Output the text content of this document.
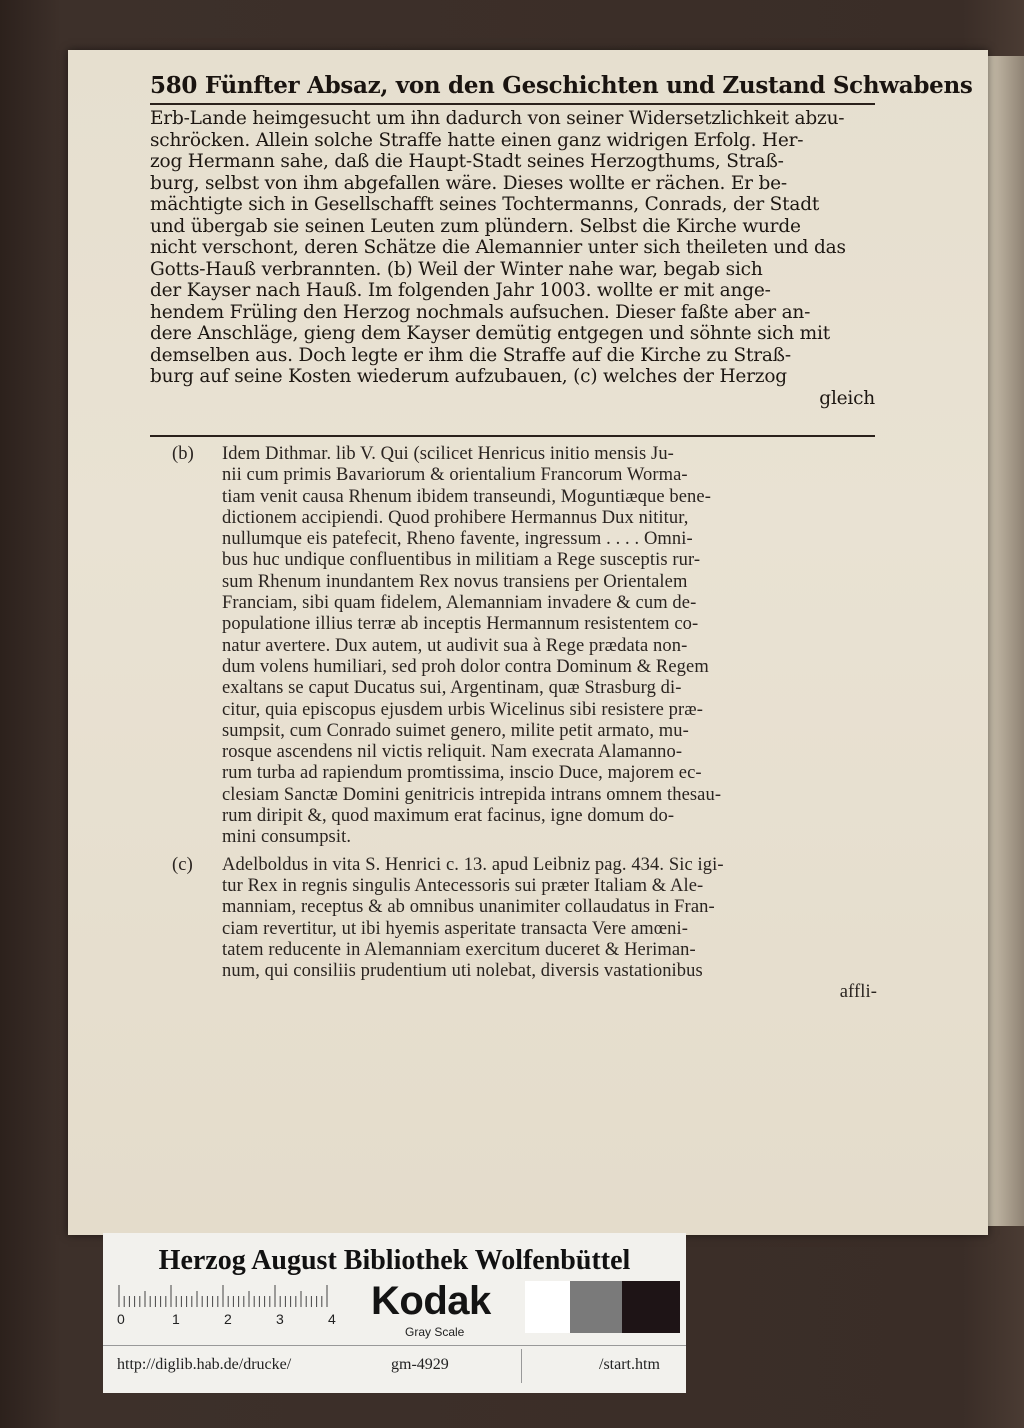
580 Fünfter Absaz, von den Geschichten und Zustand Schwabens
Erb-Lande heimgesucht um ihn dadurch von seiner Widersetzlichkeit abzu-
schröcken. Allein solche Straffe hatte einen ganz widrigen Erfolg. Her-
zog Hermann sahe, daß die Haupt-Stadt seines Herzogthums, Straß-
burg, selbst von ihm abgefallen wäre. Dieses wollte er rächen. Er be-
mächtigte sich in Gesellschafft seines Tochtermanns, Conrads, der Stadt
und übergab sie seinen Leuten zum plündern. Selbst die Kirche wurde
nicht verschont, deren Schätze die Alemannier unter sich theileten und das
Gotts-Hauß verbrannten. (b) Weil der Winter nahe war, begab sich
der Kayser nach Hauß. Im folgenden Jahr 1003. wollte er mit ange-
hendem Früling den Herzog nochmals aufsuchen. Dieser faßte aber an-
dere Anschläge, gieng dem Kayser demütig entgegen und söhnte sich mit
demselben aus. Doch legte er ihm die Straffe auf die Kirche zu Straß-
burg auf seine Kosten wiederum aufzubauen, (c) welches der Herzog
gleich
(b) Idem Dithmar. lib V. Qui (scilicet Henricus initio mensis Ju-
nii cum primis Bavariorum & orientalium Francorum Worma-
tiam venit causa Rhenum ibidem transeundi, Moguntiæque bene-
dictionem accipiendi. Quod prohibere Hermannus Dux nititur,
nullumque eis patefecit, Rheno favente, ingressum . . . . Omni-
bus huc undique confluentibus in militiam a Rege susceptis rur-
sum Rhenum inundantem Rex novus transiens per Orientalem
Franciam, sibi quam fidelem, Alemanniam invadere & cum de-
populatione illius terræ ab inceptis Hermannum resistentem co-
natur avertere. Dux autem, ut audivit sua à Rege prædata non-
dum volens humiliari, sed proh dolor contra Dominum & Regem
exaltans se caput Ducatus sui, Argentinam, quæ Strasburg di-
citur, quia episcopus ejusdem urbis Wicelinus sibi resistere præ-
sumpsit, cum Conrado suimet genero, milite petit armato, mu-
rosque ascendens nil victis reliquit. Nam execrata Alamanno-
rum turba ad rapiendum promtissima, inscio Duce, majorem ec-
clesiam Sanctæ Domini genitricis intrepida intrans omnem thesau-
rum diripit &, quod maximum erat facinus, igne domum do-
mini consumpsit.
(c) Adelboldus in vita S. Henrici c. 13. apud Leibniz pag. 434. Sic igi-
tur Rex in regnis singulis Antecessoris sui præter Italiam & Ale-
manniam, receptus & ab omnibus unanimiter collaudatus in Fran-
ciam revertitur, ut ibi hyemis asperitate transacta Vere amœni-
tatem reducente in Alemanniam exercitum duceret & Heriman-
num, qui consiliis prudentium uti nolebat, diversis vastationibus
affli-
Herzog August Bibliothek Wolfenbüttel
0	1	2	3	4 Kodak
Gray Scale
http://diglib.hab.de/drucke/	gm-4929	/start.htm
